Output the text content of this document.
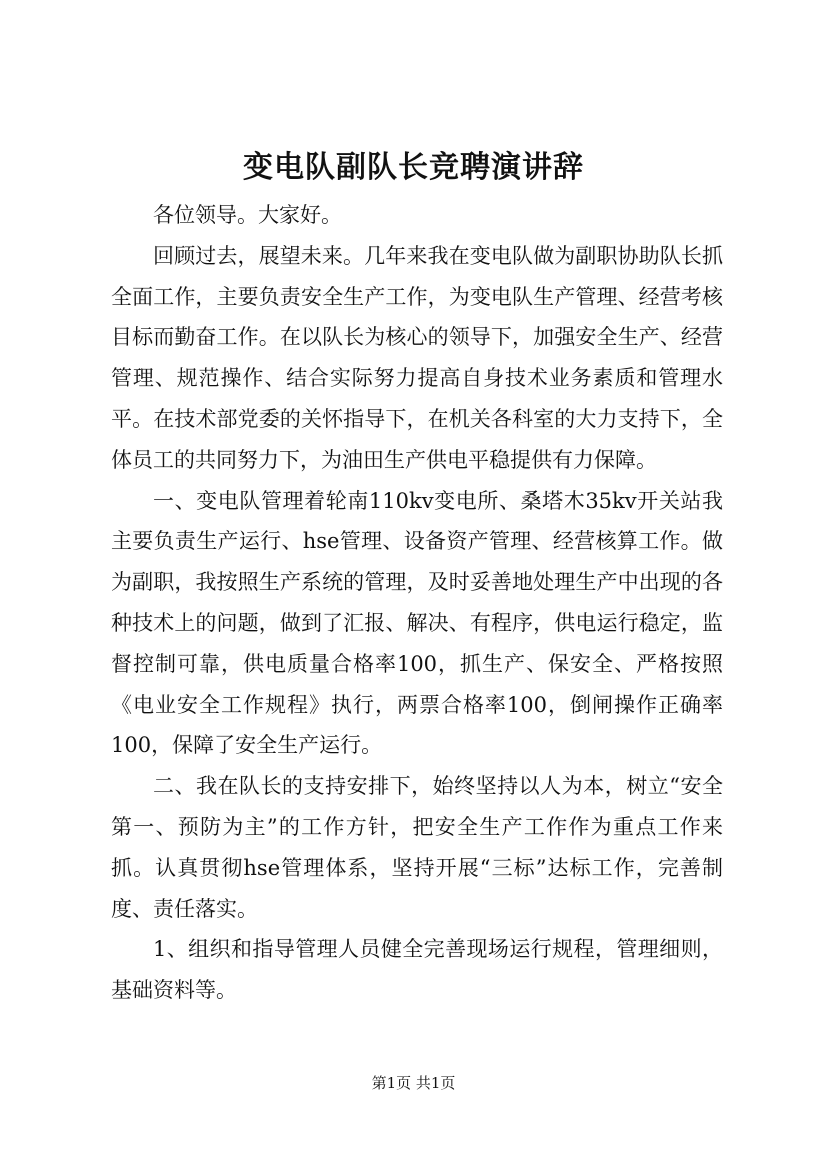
变电队副队长竞聘演讲辞

各位领导。大家好。

回顾过去，展望未来。几年来我在变电队做为副职协助队长抓全面工作，主要负责安全生产工作，为变电队生产管理、经营考核目标而勤奋工作。在以队长为核心的领导下，加强安全生产、经营管理、规范操作、结合实际努力提高自身技术业务素质和管理水平。在技术部党委的关怀指导下，在机关各科室的大力支持下，全体员工的共同努力下，为油田生产供电平稳提供有力保障。

一、变电队管理着轮南110kv变电所、桑塔木35kv开关站我主要负责生产运行、hse管理、设备资产管理、经营核算工作。做为副职，我按照生产系统的管理，及时妥善地处理生产中出现的各种技术上的问题，做到了汇报、解决、有程序，供电运行稳定，监督控制可靠，供电质量合格率100，抓生产、保安全、严格按照《电业安全工作规程》执行，两票合格率100，倒闸操作正确率100，保障了安全生产运行。

二、我在队长的支持安排下，始终坚持以人为本，树立“安全第一、预防为主”的工作方针，把安全生产工作作为重点工作来抓。认真贯彻hse管理体系，坚持开展“三标”达标工作，完善制度、责任落实。

1、组织和指导管理人员健全完善现场运行规程，管理细则，基础资料等。

第1页 共1页
